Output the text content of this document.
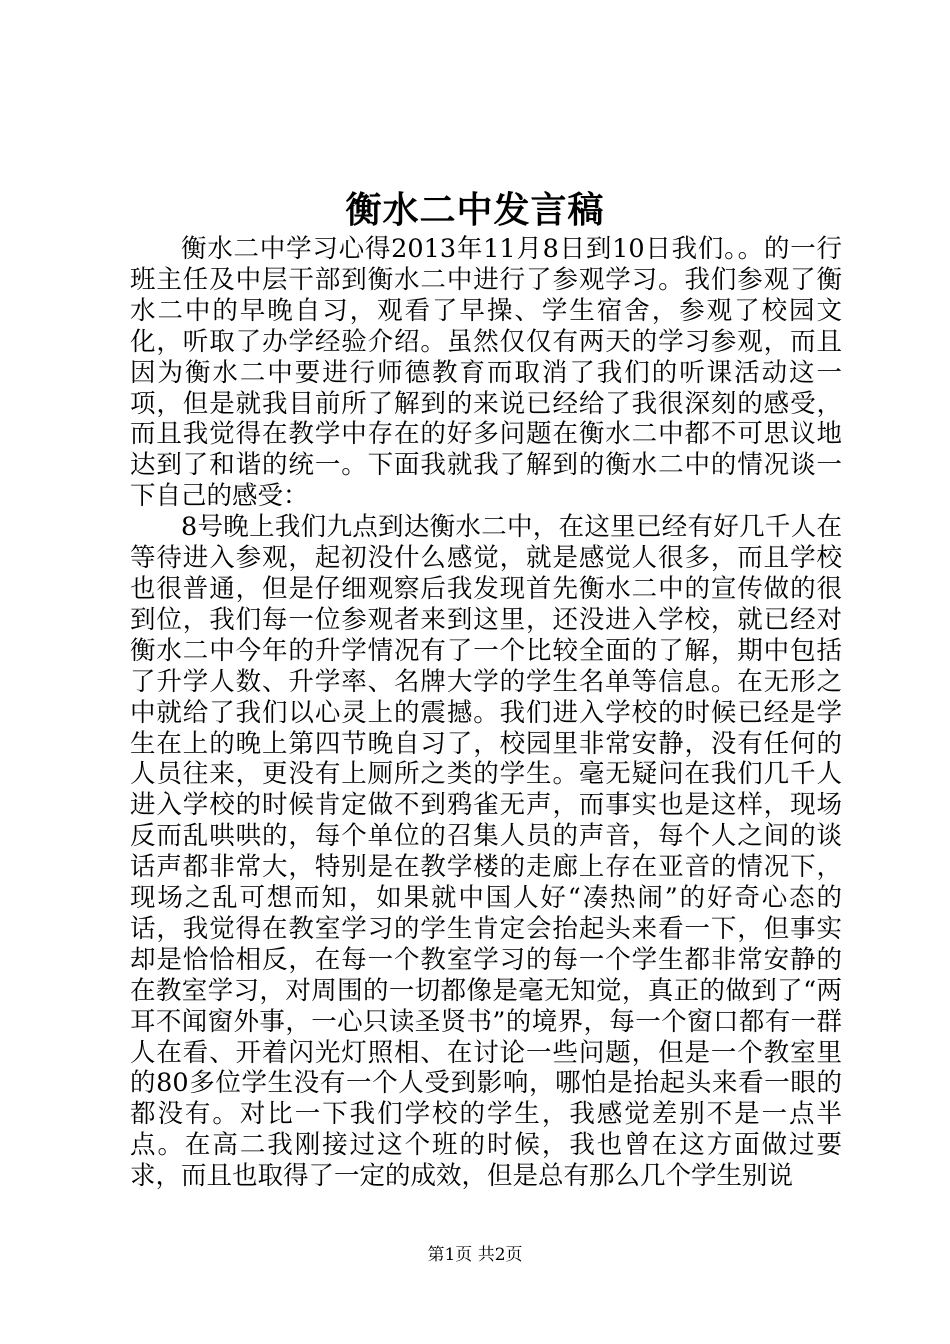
衡水二中发言稿

衡水二中学习心得2013年11月8日到10日我们。。的一行班主任及中层干部到衡水二中进行了参观学习。我们参观了衡水二中的早晚自习，观看了早操、学生宿舍，参观了校园文化，听取了办学经验介绍。虽然仅仅有两天的学习参观，而且因为衡水二中要进行师德教育而取消了我们的听课活动这一项，但是就我目前所了解到的来说已经给了我很深刻的感受，而且我觉得在教学中存在的好多问题在衡水二中都不可思议地达到了和谐的统一。下面我就我了解到的衡水二中的情况谈一下自己的感受：

8号晚上我们九点到达衡水二中，在这里已经有好几千人在等待进入参观，起初没什么感觉，就是感觉人很多，而且学校也很普通，但是仔细观察后我发现首先衡水二中的宣传做的很到位，我们每一位参观者来到这里，还没进入学校，就已经对衡水二中今年的升学情况有了一个比较全面的了解，期中包括了升学人数、升学率、名牌大学的学生名单等信息。在无形之中就给了我们以心灵上的震撼。我们进入学校的时候已经是学生在上的晚上第四节晚自习了，校园里非常安静，没有任何的人员往来，更没有上厕所之类的学生。毫无疑问在我们几千人进入学校的时候肯定做不到鸦雀无声，而事实也是这样，现场反而乱哄哄的，每个单位的召集人员的声音，每个人之间的谈话声都非常大，特别是在教学楼的走廊上存在亚音的情况下，现场之乱可想而知，如果就中国人好“凑热闹”的好奇心态的话，我觉得在教室学习的学生肯定会抬起头来看一下，但事实却是恰恰相反，在每一个教室学习的每一个学生都非常安静的在教室学习，对周围的一切都像是毫无知觉，真正的做到了“两耳不闻窗外事，一心只读圣贤书”的境界，每一个窗口都有一群人在看、开着闪光灯照相、在讨论一些问题，但是一个教室里的80多位学生没有一个人受到影响，哪怕是抬起头来看一眼的都没有。对比一下我们学校的学生，我感觉差别不是一点半点。在高二我刚接过这个班的时候，我也曾在这方面做过要求，而且也取得了一定的成效，但是总有那么几个学生别说

第1页 共2页
